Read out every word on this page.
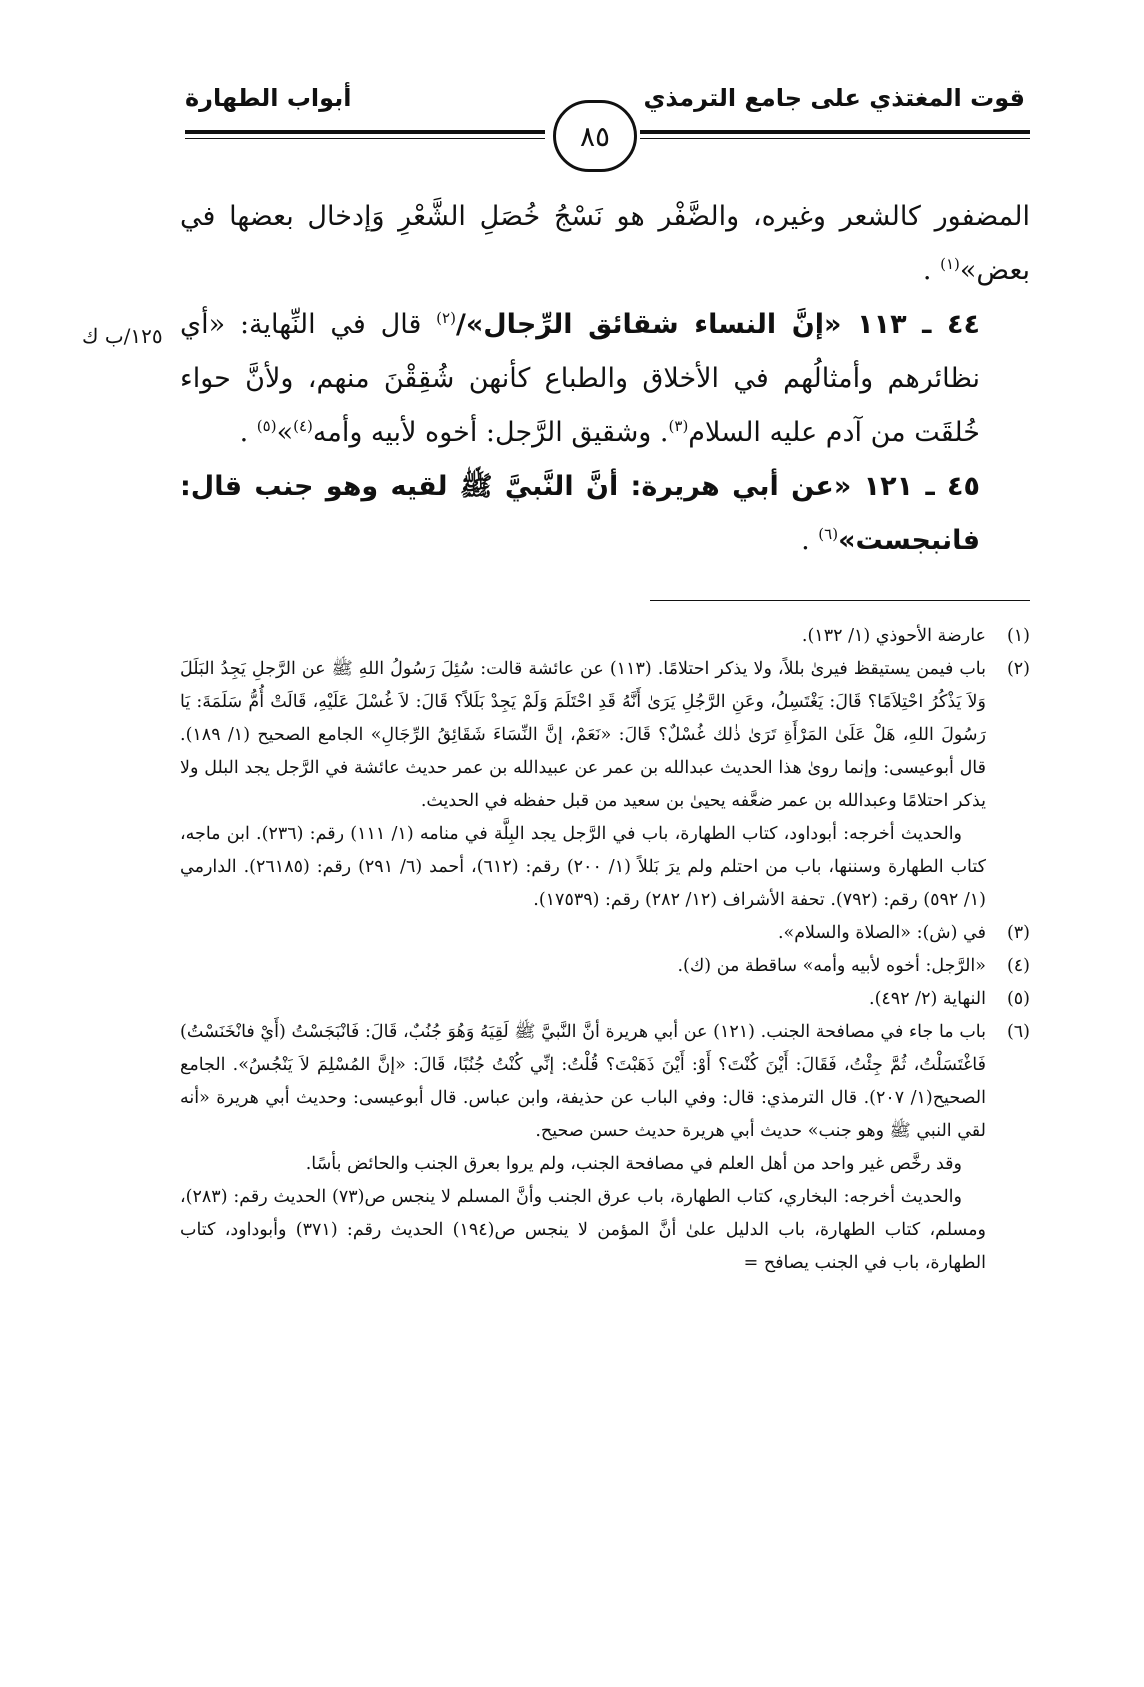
قوت المغتذي على جامع الترمذي
أبواب الطهارة
٨٥
١٢٥/ب ك

المضفور كالشعر وغيره، والضَّفْر هو نَسْجُ خُصَلِ الشَّعْرِ وَإدخال بعضها في بعض»$^{(١)}$ .

٤٤ ـ ١١٣ «إنَّ النساء شقائق الرِّجال»/$^{(٢)}$ قال في النِّهاية: «أي نظائرهم وأمثالُهم في الأخلاق والطباع كأنهن شُقِقْنَ منهم، ولأنَّ حواء خُلقَت من آدم عليه السلام$^{(٣)}$. وشقيق الرَّجل: أخوه لأبيه وأمه$^{(٤)}$»$^{(٥)}$ .

٤٥ ـ ١٢١ «عن أبي هريرة: أنَّ النَّبيَّ ﷺ لقيه وهو جنب قال: فانبجست»$^{(٦)}$ .

(١)

عارضة الأحوذي (١/ ١٣٢).

(٢)

باب فيمن يستيقظ فيرىٰ بللاً، ولا يذكر احتلامًا. (١١٣) عن عائشة قالت: سُئِلَ رَسُولُ اللهِ ﷺ عن الرَّجلِ يَجِدُ البَلَلَ وَلاَ يَذْكُرُ احْتِلاَمًا؟ قَالَ: يَغْتَسِلُ، وعَنِ الرَّجُلِ يَرَىٰ أَنَّهُ قَدِ احْتَلَمَ وَلَمْ يَجِدْ بَلَلاً؟ قَالَ: لاَ غُسْلَ عَلَيْهِ، قَالَتْ أُمُّ سَلَمَةَ: يَا رَسُولَ اللهِ، هَلْ عَلَىٰ المَرْأَةِ تَرَىٰ ذٰلك غُسْلٌ؟ قَالَ: «نَعَمْ، إنَّ النِّسَاءَ شَقَائِقُ الرِّجَالِ» الجامع الصحيح (١/ ١٨٩). قال أبوعيسى: وإنما روىٰ هذا الحديث عبدالله بن عمر عن عبيدالله بن عمر حديث عائشة في الرَّجل يجد البلل ولا يذكر احتلامًا وعبدالله بن عمر ضعَّفه يحيىٰ بن سعيد من قبل حفظه في الحديث.

والحديث أخرجه: أبوداود، كتاب الطهارة، باب في الرَّجل يجد البِلَّة في منامه (١/ ١١١) رقم: (٢٣٦). ابن ماجه، كتاب الطهارة وسننها، باب من احتلم ولم يرَ بَللاً (١/ ٢٠٠) رقم: (٦١٢)، أحمد (٦/ ٢٩١) رقم: (٢٦١٨٥). الدارمي (١/ ٥٩٢) رقم: (٧٩٢). تحفة الأشراف (١٢/ ٢٨٢) رقم: (١٧٥٣٩).

(٣)

في (ش): «الصلاة والسلام».

(٤)

«الرَّجل: أخوه لأبيه وأمه» ساقطة من (ك).

(٥)

النهاية (٢/ ٤٩٢).

(٦)

باب ما جاء في مصافحة الجنب. (١٢١) عن أبي هريرة أنَّ النَّبيَّ ﷺ لَقِيَهُ وَهُوَ جُنُبٌ، قَالَ: فَانْبَجَسْتُ (أَيْ فانْخَنَسْتُ) فَاغْتَسَلْتُ، ثُمَّ جِئْتُ، فَقَالَ: أَيْنَ كُنْتَ؟ أَوْ: أَيْنَ ذَهَبْتَ؟ قُلْتُ: إنِّي كُنْتُ جُنُبًا، قَالَ: «إنَّ المُسْلِمَ لاَ يَنْجُسُ». الجامع الصحيح(١/ ٢٠٧). قال الترمذي: قال: وفي الباب عن حذيفة، وابن عباس. قال أبوعيسى: وحديث أبي هريرة «أنه لقي النبي ﷺ وهو جنب» حديث أبي هريرة حديث حسن صحيح.

وقد رخَّص غير واحد من أهل العلم في مصافحة الجنب، ولم يروا بعرق الجنب والحائض بأسًا.

والحديث أخرجه: البخاري، كتاب الطهارة، باب عرق الجنب وأنَّ المسلم لا ينجس ص(٧٣) الحديث رقم: (٢٨٣)، ومسلم، كتاب الطهارة، باب الدليل علىٰ أنَّ المؤمن لا ينجس ص(١٩٤) الحديث رقم: (٣٧١) وأبوداود، كتاب الطهارة، باب في الجنب يصافح =
